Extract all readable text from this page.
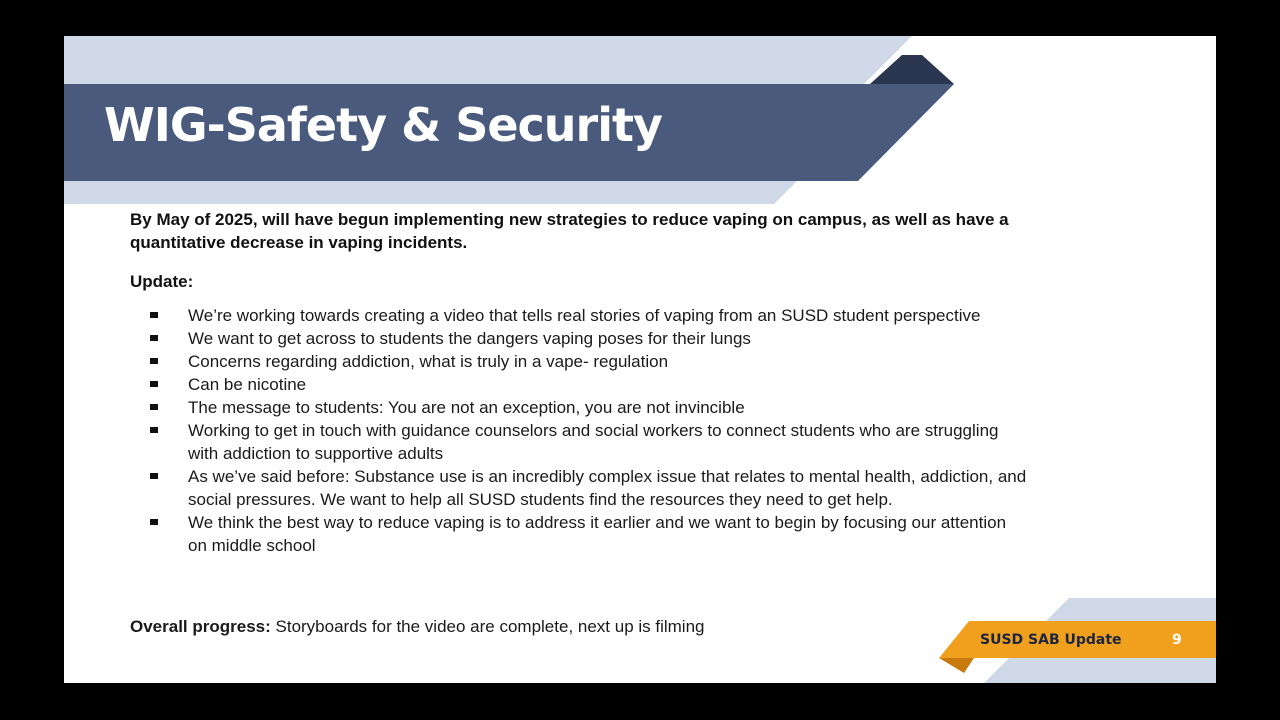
WIG-Safety & Security

By May of 2025, will have begun implementing new strategies to reduce vaping on campus, as well as have a quantitative decrease in vaping incidents.

Update:

We’re working towards creating a video that tells real stories of vaping from an SUSD student perspective
We want to get across to students the dangers vaping poses for their lungs
Concerns regarding addiction, what is truly in a vape- regulation
Can be nicotine
The message to students: You are not an exception, you are not invincible
Working to get in touch with guidance counselors and social workers to connect students who are struggling with addiction to supportive adults
As we’ve said before: Substance use is an incredibly complex issue that relates to mental health, addiction, and social pressures. We want to help all SUSD students find the resources they need to get help.
We think the best way to reduce vaping is to address it earlier and we want to begin by focusing our attention on middle school

Overall progress: Storyboards for the video are complete, next up is filming

SUSD SAB Update	9
